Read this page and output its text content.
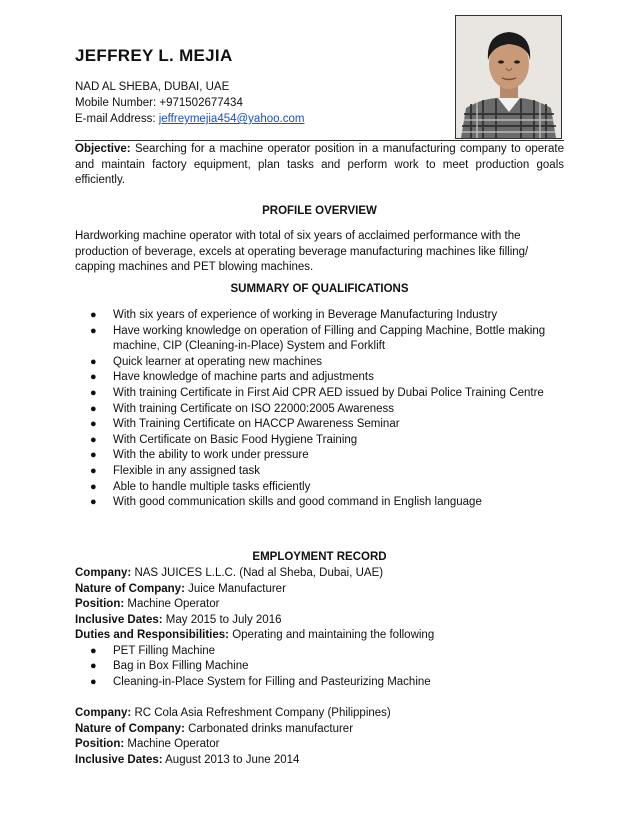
JEFFREY L. MEJIA
NAD AL SHEBA, DUBAI, UAE
Mobile Number: +971502677434
E-mail Address: jeffreymejia454@yahoo.com
Objective: Searching for a machine operator position in a manufacturing company to operate and maintain factory equipment, plan tasks and perform work to meet production goals efficiently.
PROFILE OVERVIEW
Hardworking machine operator with total of six years of acclaimed performance with the production of beverage, excels at operating beverage manufacturing machines like filling/ capping machines and PET blowing machines.
SUMMARY OF QUALIFICATIONS
● With six years of experience of working in Beverage Manufacturing Industry
● Have working knowledge on operation of Filling and Capping Machine, Bottle making machine, CIP (Cleaning-in-Place) System and Forklift
● Quick learner at operating new machines
● Have knowledge of machine parts and adjustments
● With training Certificate in First Aid CPR AED issued by Dubai Police Training Centre
● With training Certificate on ISO 22000:2005 Awareness
● With Training Certificate on HACCP Awareness Seminar
● With Certificate on Basic Food Hygiene Training
● With the ability to work under pressure
● Flexible in any assigned task
● Able to handle multiple tasks efficiently
● With good communication skills and good command in English language
EMPLOYMENT RECORD
Company: NAS JUICES L.L.C. (Nad al Sheba, Dubai, UAE)
Nature of Company: Juice Manufacturer
Position: Machine Operator
Inclusive Dates: May 2015 to July 2016
Duties and Responsibilities: Operating and maintaining the following
● PET Filling Machine
● Bag in Box Filling Machine
● Cleaning-in-Place System for Filling and Pasteurizing Machine
Company: RC Cola Asia Refreshment Company (Philippines)
Nature of Company: Carbonated drinks manufacturer
Position: Machine Operator
Inclusive Dates: August 2013 to June 2014
